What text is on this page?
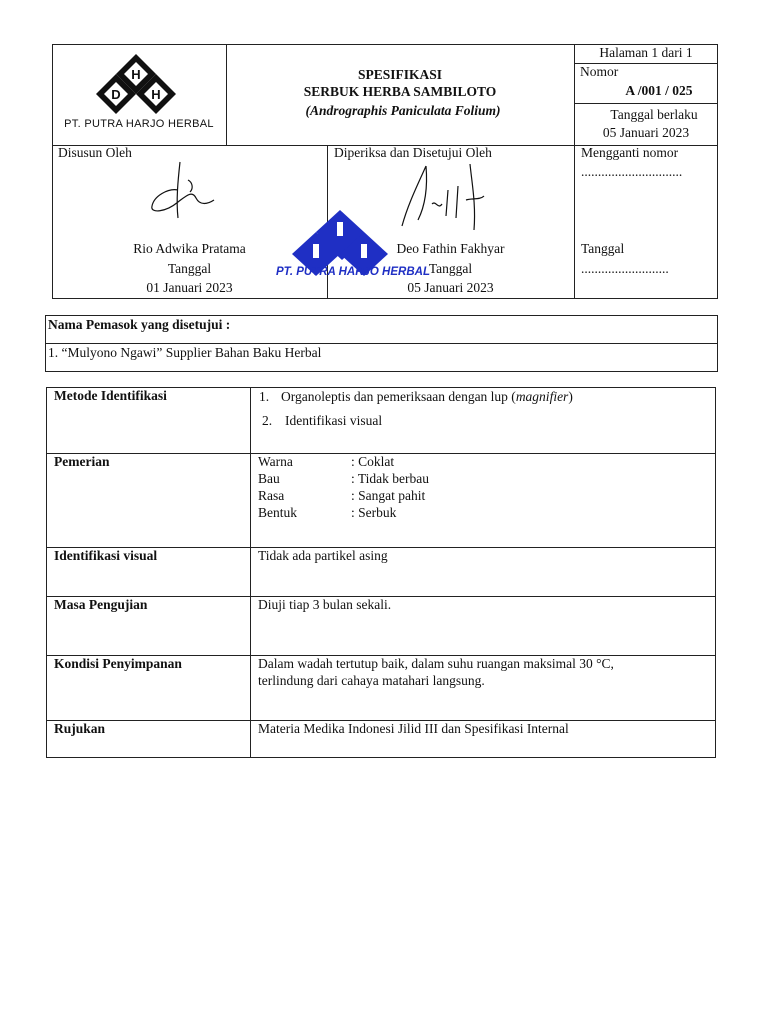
H
D H
PT. PUTRA HARJO HERBAL
SPESIFIKASI
SERBUK HERBA SAMBILOTO
(Andrographis Paniculata Folium)
Halaman 1 dari 1
Nomor
A /001 / 025
Tanggal berlaku
05 Januari 2023
Disusun Oleh
Rio Adwika Pratama
Tanggal
01 Januari 2023
Diperiksa dan Disetujui Oleh
PT. PUTRA HARJO HERBAL
Deo Fathin Fakhyar
Tanggal
05 Januari 2023
Mengganti nomor
..............................
Tanggal
..........................
Nama Pemasok yang disetujui :
1. “Mulyono Ngawi” Supplier Bahan Baku Herbal
Metode Identifikasi	1. Organoleptis dan pemeriksaan dengan lup (magnifier)
2. Identifikasi visual
Pemerian	Warna	: Coklat
Bau	: Tidak berbau
Rasa	: Sangat pahit
Bentuk	: Serbuk
Identifikasi visual	Tidak ada partikel asing
Masa Pengujian	Diuji tiap 3 bulan sekali.
Kondisi Penyimpanan	Dalam wadah tertutup baik, dalam suhu ruangan maksimal 30 °C,
terlindung dari cahaya matahari langsung.
Rujukan	Materia Medika Indonesi Jilid III dan Spesifikasi Internal
